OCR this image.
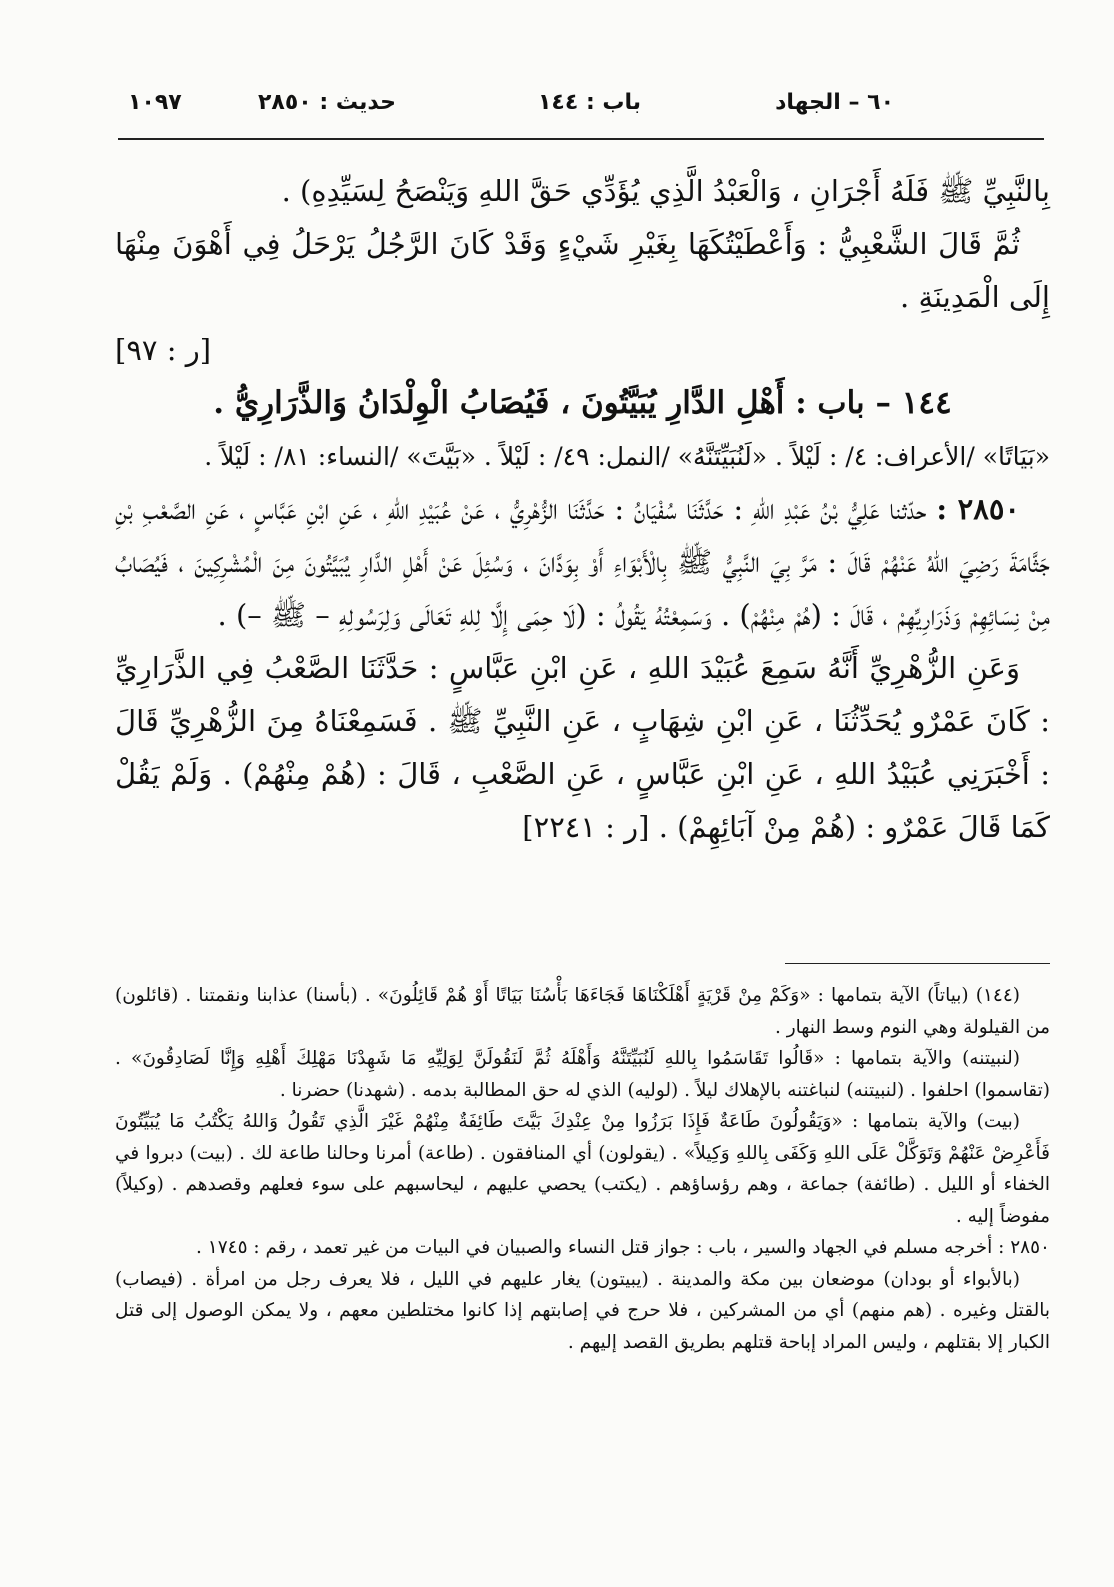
٦٠ – الجهاد
باب : ١٤٤
حديث : ٢٨٥٠
١٠٩٧

بِالنَّبِيِّ ﷺ فَلَهُ أَجْرَانِ ، وَالْعَبْدُ الَّذِي يُؤَدِّي حَقَّ اللهِ وَيَنْصَحُ لِسَيِّدِهِ) .

ثُمَّ قَالَ الشَّعْبِيُّ : وَأَعْطَيْتُكَهَا بِغَيْرِ شَيْءٍ وَقَدْ كَانَ الرَّجُلُ يَرْحَلُ فِي أَهْوَنَ مِنْهَا إِلَى الْمَدِينَةِ .

[ر : ٩٧]

١٤٤ – باب : أَهْلِ الدَّارِ يُبَيَّتُونَ ، فَيُصَابُ الْوِلْدَانُ وَالذَّرَارِيُّ .

«بَيَاتًا» /الأعراف: ٤/ : لَيْلاً . «لَنُبَيِّتَنَّهُ» /النمل: ٤٩/ : لَيْلاً . «بَيَّتَ» /النساء: ٨١/ : لَيْلاً .

٢٨٥٠ : حدّثنا عَلِيُّ بْنُ عَبْدِ اللهِ : حَدَّثَنَا سُفْيَانُ : حَدَّثَنَا الزُّهْرِيُّ ، عَنْ عُبَيْدِ اللهِ ، عَنِ ابْنِ عَبَّاسٍ ، عَنِ الصَّعْبِ بْنِ جَثَّامَةَ رَضِيَ اللهُ عَنْهُمْ قَالَ : مَرَّ بِيَ النَّبِيُّ ﷺ بِالْأَبْوَاءِ أَوْ بِوَدَّانَ ، وَسُئِلَ عَنْ أَهْلِ الدَّارِ يُبَيَّتُونَ مِنَ الْمُشْرِكِينَ ، فَيُصَابُ مِنْ نِسَائِهِمْ وَذَرَارِيِّهِمْ ، قَالَ : (هُمْ مِنْهُمْ) . وَسَمِعْتُهُ يَقُولُ : (لَا حِمَى إِلَّا لِلهِ تَعَالَى وَلِرَسُولِهِ – ﷺ –) .

وَعَنِ الزُّهْرِيِّ أَنَّهُ سَمِعَ عُبَيْدَ اللهِ ، عَنِ ابْنِ عَبَّاسٍ : حَدَّثَنَا الصَّعْبُ فِي الذَّرَارِيِّ : كَانَ عَمْرٌو يُحَدِّثُنَا ، عَنِ ابْنِ شِهَابٍ ، عَنِ النَّبِيِّ ﷺ . فَسَمِعْنَاهُ مِنَ الزُّهْرِيِّ قَالَ : أَخْبَرَنِي عُبَيْدُ اللهِ ، عَنِ ابْنِ عَبَّاسٍ ، عَنِ الصَّعْبِ ، قَالَ : (هُمْ مِنْهُمْ) . وَلَمْ يَقُلْ كَمَا قَالَ عَمْرٌو : (هُمْ مِنْ آبَائِهِمْ) . [ر : ٢٢٤١]

(١٤٤) (بياتاً) الآية بتمامها : «وَكَمْ مِنْ قَرْيَةٍ أَهْلَكْنَاهَا فَجَاءَهَا بَأْسُنَا بَيَاتًا أَوْ هُمْ قَائِلُونَ» . (بأسنا) عذابنا ونقمتنا . (قائلون) من القيلولة وهي النوم وسط النهار .

(لنبيتنه) والآية بتمامها : «قَالُوا تَقَاسَمُوا بِاللهِ لَنُبَيِّتَنَّهُ وَأَهْلَهُ ثُمَّ لَنَقُولَنَّ لِوَلِيِّهِ مَا شَهِدْنَا مَهْلِكَ أَهْلِهِ وَإِنَّا لَصَادِقُونَ» . (تقاسموا) احلفوا . (لنبيتنه) لنباغتنه بالإهلاك ليلاً . (لوليه) الذي له حق المطالبة بدمه . (شهدنا) حضرنا .

(بيت) والآية بتمامها : «وَيَقُولُونَ طَاعَةٌ فَإِذَا بَرَزُوا مِنْ عِنْدِكَ بَيَّتَ طَائِفَةٌ مِنْهُمْ غَيْرَ الَّذِي تَقُولُ وَاللهُ يَكْتُبُ مَا يُبَيِّتُونَ فَأَعْرِضْ عَنْهُمْ وَتَوَكَّلْ عَلَى اللهِ وَكَفَى بِاللهِ وَكِيلاً» . (يقولون) أي المنافقون . (طاعة) أمرنا وحالنا طاعة لك . (بيت) دبروا في الخفاء أو الليل . (طائفة) جماعة ، وهم رؤساؤهم . (يكتب) يحصي عليهم ، ليحاسبهم على سوء فعلهم وقصدهم . (وكيلاً) مفوضاً إليه .

٢٨٥٠ : أخرجه مسلم في الجهاد والسير ، باب : جواز قتل النساء والصبيان في البيات من غير تعمد ، رقم : ١٧٤٥ .

(بالأبواء أو بودان) موضعان بين مكة والمدينة . (يبيتون) يغار عليهم في الليل ، فلا يعرف رجل من امرأة . (فيصاب) بالقتل وغيره . (هم منهم) أي من المشركين ، فلا حرج في إصابتهم إذا كانوا مختلطين معهم ، ولا يمكن الوصول إلى قتل الكبار إلا بقتلهم ، وليس المراد إباحة قتلهم بطريق القصد إليهم .
